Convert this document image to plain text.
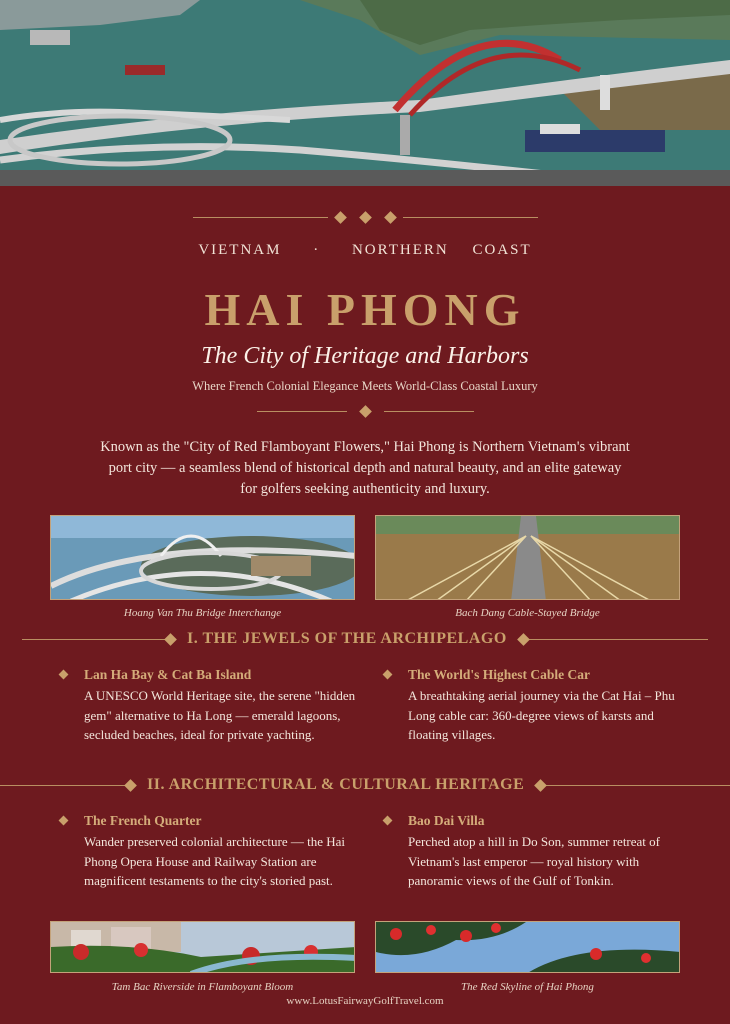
VIETNAM · NORTHERN COAST
HAI PHONG
The City of Heritage and Harbors
Where French Colonial Elegance Meets World-Class Coastal Luxury
Known as the "City of Red Flamboyant Flowers," Hai Phong is Northern Vietnam's vibrant port city — a seamless blend of historical depth and natural beauty, and an elite gateway for golfers seeking authenticity and luxury.
Hoang Van Thu Bridge Interchange	Bach Dang Cable-Stayed Bridge
I. THE JEWELS OF THE ARCHIPELAGO
Lan Ha Bay & Cat Ba Island
A UNESCO World Heritage site, the serene "hidden gem" alternative to Ha Long — emerald lagoons, secluded beaches, ideal for private yachting.
The World's Highest Cable Car
A breathtaking aerial journey via the Cat Hai – Phu Long cable car: 360-degree views of karsts and floating villages.
II. ARCHITECTURAL & CULTURAL HERITAGE
The French Quarter
Wander preserved colonial architecture — the Hai Phong Opera House and Railway Station are magnificent testaments to the city's storied past.
Bao Dai Villa
Perched atop a hill in Do Son, summer retreat of Vietnam's last emperor — royal history with panoramic views of the Gulf of Tonkin.
Tam Bac Riverside in Flamboyant Bloom	The Red Skyline of Hai Phong
www.LotusFairwayGolfTravel.com
